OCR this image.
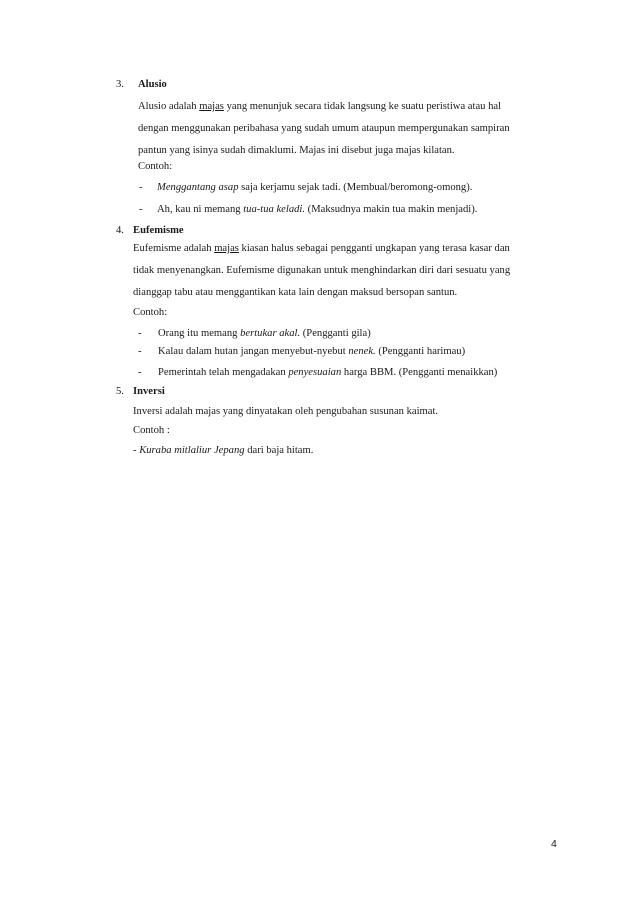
3. Alusio
Alusio adalah majas yang menunjuk secara tidak langsung ke suatu peristiwa atau hal
dengan menggunakan peribahasa yang sudah umum ataupun mempergunakan sampiran
pantun yang isinya sudah dimaklumi. Majas ini disebut juga majas kilatan.
Contoh:
- Menggantang asap saja kerjamu sejak tadi. (Membual/beromong-omong).
- Ah, kau ni memang tua-tua keladi. (Maksudnya makin tua makin menjadi).
4. Eufemisme
Eufemisme adalah majas kiasan halus sebagai pengganti ungkapan yang terasa kasar dan
tidak menyenangkan. Eufemisme digunakan untuk menghindarkan diri dari sesuatu yang
dianggap tabu atau menggantikan kata lain dengan maksud bersopan santun.
Contoh:
- Orang itu memang bertukar akal. (Pengganti gila)
- Kalau dalam hutan jangan menyebut-nyebut nenek. (Pengganti harimau)
- Pemerintah telah mengadakan penyesuaian harga BBM. (Pengganti menaikkan)
5. Inversi
Inversi adalah majas yang dinyatakan oleh pengubahan susunan kaimat.
Contoh :
- Kuraba mitlaliur Jepang dari baja hitam.
4
